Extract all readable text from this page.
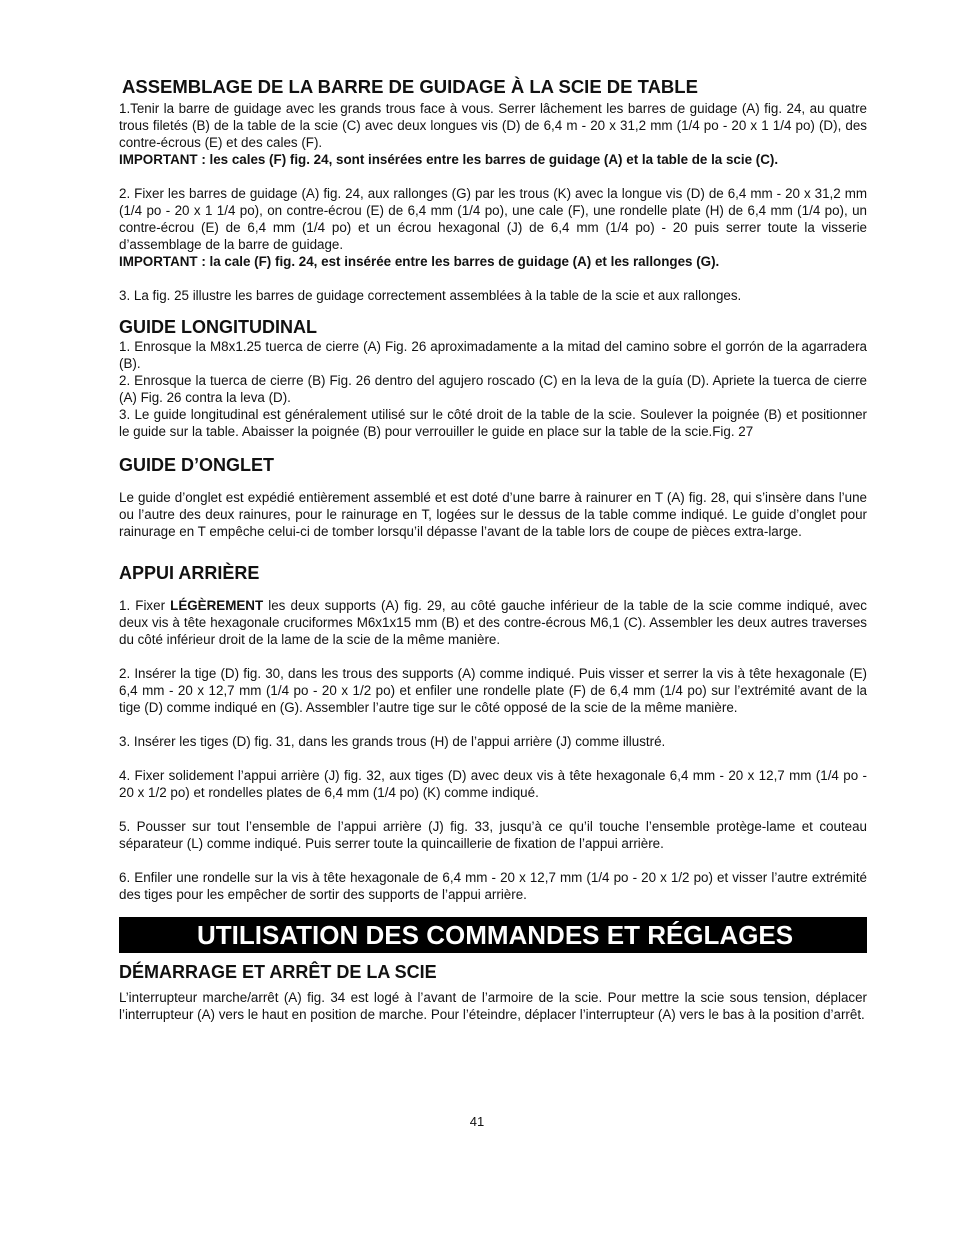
ASSEMBLAGE DE LA BARRE DE GUIDAGE À LA SCIE DE TABLE

1.Tenir la barre de guidage avec les grands trous face à vous. Serrer lâchement les barres de guidage (A) fig. 24, au quatre trous filetés (B) de la table de la scie (C) avec deux longues vis (D) de 6,4 m - 20 x 31,2 mm (1/4 po - 20 x 1 1/4 po) (D), des contre-écrous (E) et des cales (F).

IMPORTANT : les cales (F) fig. 24, sont insérées entre les barres de guidage (A) et la table de la scie (C).

2. Fixer les barres de guidage (A) fig. 24, aux rallonges (G) par les trous (K) avec la longue vis (D) de 6,4 mm - 20 x 31,2 mm (1/4 po - 20 x 1 1/4 po), on contre-écrou (E) de 6,4 mm (1/4 po), une cale (F), une rondelle plate (H) de 6,4 mm (1/4 po), un contre-écrou (E) de 6,4 mm (1/4 po) et un écrou hexagonal (J) de 6,4 mm (1/4 po) - 20 puis serrer toute la visserie d’assemblage de la barre de guidage.

IMPORTANT : la cale (F) fig. 24, est insérée entre les barres de guidage (A) et les rallonges (G).

3. La fig. 25 illustre les barres de guidage correctement assemblées à la table de la scie et aux rallonges.

GUIDE LONGITUDINAL

1. Enrosque la M8x1.25 tuerca de cierre (A) Fig. 26 aproximadamente a la mitad del camino sobre el gorrón de la agarradera (B).

2. Enrosque la tuerca de cierre (B) Fig. 26 dentro del agujero roscado (C) en la leva de la guía (D). Apriete la tuerca de cierre (A) Fig. 26 contra la leva (D).

3. Le guide longitudinal est généralement utilisé sur le côté droit de la table de la scie. Soulever la poignée (B) et positionner le guide sur la table. Abaisser la poignée (B) pour verrouiller le guide en place sur la table de la scie.Fig. 27

GUIDE D’ONGLET

Le guide d’onglet est expédié entièrement assemblé et est doté d’une barre à rainurer en T (A) fig. 28, qui s’insère dans l’une ou l’autre des deux rainures, pour le rainurage en T, logées sur le dessus de la table comme indiqué. Le guide d’onglet pour rainurage en T empêche celui-ci de tomber lorsqu’il dépasse l’avant de la table lors de coupe de pièces extra-large.

APPUI ARRIÈRE

1. Fixer LÉGÈREMENT les deux supports (A) fig. 29, au côté gauche inférieur de la table de la scie comme indiqué, avec deux vis à tête hexagonale cruciformes M6x1x15 mm (B) et des contre-écrous M6,1 (C). Assembler les deux autres traverses du côté inférieur droit de la lame de la scie de la même manière.

2. Insérer la tige (D) fig. 30, dans les trous des supports (A) comme indiqué. Puis visser et serrer la vis à tête hexagonale (E) 6,4 mm - 20 x 12,7 mm (1/4 po - 20 x 1/2 po) et enfiler une rondelle plate (F) de 6,4 mm (1/4 po) sur l’extrémité avant de la tige (D) comme indiqué en (G). Assembler l’autre tige sur le côté opposé de la scie de la même manière.

3. Insérer les tiges (D) fig. 31, dans les grands trous (H) de l’appui arrière (J) comme illustré.

4. Fixer solidement l’appui arrière (J) fig. 32, aux tiges (D) avec deux vis à tête hexagonale 6,4 mm - 20 x 12,7 mm (1/4 po - 20 x 1/2 po) et rondelles plates de 6,4 mm (1/4 po) (K) comme indiqué.

5. Pousser sur tout l’ensemble de l’appui arrière (J) fig. 33, jusqu’à ce qu’il touche l’ensemble protège-lame et couteau séparateur (L) comme indiqué. Puis serrer toute la quincaillerie de fixation de l’appui arrière.

6. Enfiler une rondelle sur la vis à tête hexagonale de 6,4 mm - 20 x 12,7 mm (1/4 po - 20 x 1/2 po) et visser l’autre extrémité des tiges pour les empêcher de sortir des supports de l’appui arrière.

UTILISATION DES COMMANDES ET RÉGLAGES
DÉMARRAGE ET ARRÊT DE LA SCIE

L’interrupteur marche/arrêt (A) fig. 34 est logé à l’avant de l’armoire de la scie. Pour mettre la scie sous tension, déplacer l’interrupteur (A) vers le haut en position de marche. Pour l’éteindre, déplacer l’interrupteur (A) vers le bas à la position d’arrêt.

41
